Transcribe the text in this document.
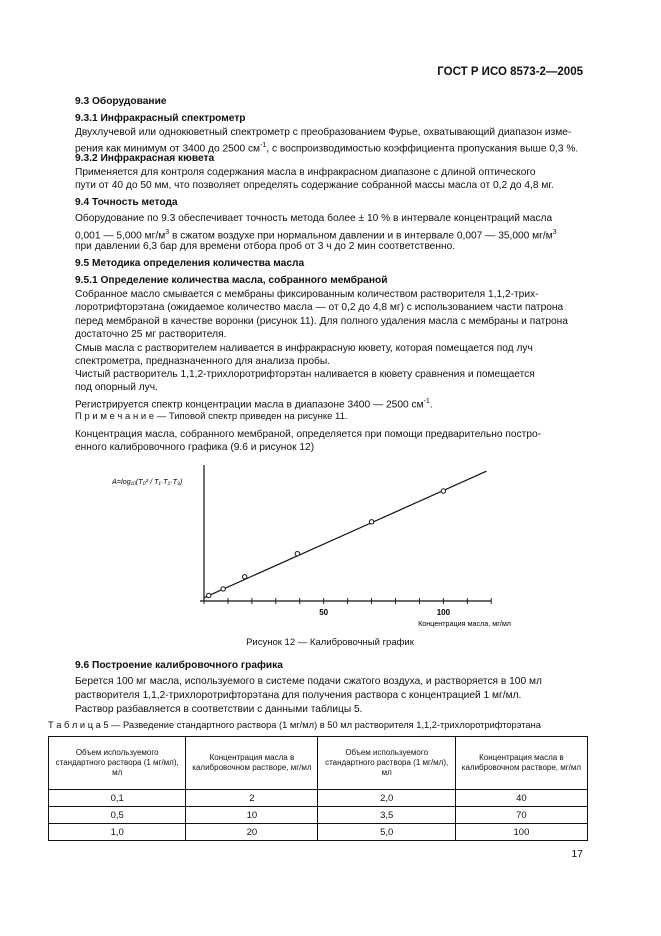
ГОСТ Р ИСО 8573-2—2005
9.3 Оборудование
9.3.1 Инфракрасный спектрометр
Двухлучевой или однокюветный спектрометр с преобразованием Фурье, охватывающий диапазон изме-
рения как минимум от 3400 до 2500 $см^{-1}$, с воспроизводимостью коэффициента пропускания выше 0,3 %.
9.3.2 Инфракрасная кювета
Применяется для контроля содержания масла в инфракрасном диапазоне с длиной оптического
пути от 40 до 50 мм, что позволяет определять содержание собранной массы масла от 0,2 до 4,8 мг.
9.4 Точность метода
Оборудование по 9.3 обеспечивает точность метода более ± 10 % в интервале концентраций масла
0,001 — 5,000 $мг/м^3$ в сжатом воздухе при нормальном давлении и в интервале 0,007 — 35,000 $мг/м^3$
при давлении 6,3 бар для времени отбора проб от 3 ч до 2 мин соответственно.
9.5 Методика определения количества масла
9.5.1 Определение количества масла, собранного мембраной
Собранное масло смывается с мембраны фиксированным количеством растворителя 1,1,2-трих-
лоротрифторэтана (ожидаемое количество масла — от 0,2 до 4,8 мг) с использованием части патрона
перед мембраной в качестве воронки (рисунок 11). Для полного удаления масла с мембраны и патрона
достаточно 25 мг растворителя.
Смыв масла с растворителем наливается в инфракрасную кювету, которая помещается под луч
спектрометра, предназначенного для анализа пробы.
Чистый растворитель 1,1,2-трихлоротрифторэтан наливается в кювету сравнения и помещается
под опорный луч.
Регистрируется спектр концентрации масла в диапазоне 3400 — 2500 $см^{-1}$.
П р и м е ч а н и е — Типовой спектр приведен на рисунке 11.
Концентрация масла, собранного мембраной, определяется при помощи предварительно постро-
енного калибровочного графика (9.6 и рисунок 12)
50	100
Концентрация масла, мг/мл
A=log₁₀(T₀² / T₁·T₂·T₃)
Рисунок 12 — Калибровочный график
9.6 Построение калибровочного графика
Берется 100 мг масла, используемого в системе подачи сжатого воздуха, и растворяется в 100 мл
растворителя 1,1,2-трихлоротрифторэтана для получения раствора с концентрацией 1 мг/мл.
Раствор разбавляется в соответствии с данными таблицы 5.
Т а б л и ц а 5 — Разведение стандартного раствора (1 мг/мл) в 50 мл растворителя 1,1,2-трихлоротрифторэтана
Объем используемого стандартного раствора (1 мг/мл), мл	Концентрация масла в калибровочном растворе, мг/мл	Объем используемого стандартного раствора (1 мг/мл), мл	Концентрация масла в калибровочном растворе, мг/мл
0,1	2	2,0	40
0,5	10	3,5	70
1,0	20	5,0	100
17
